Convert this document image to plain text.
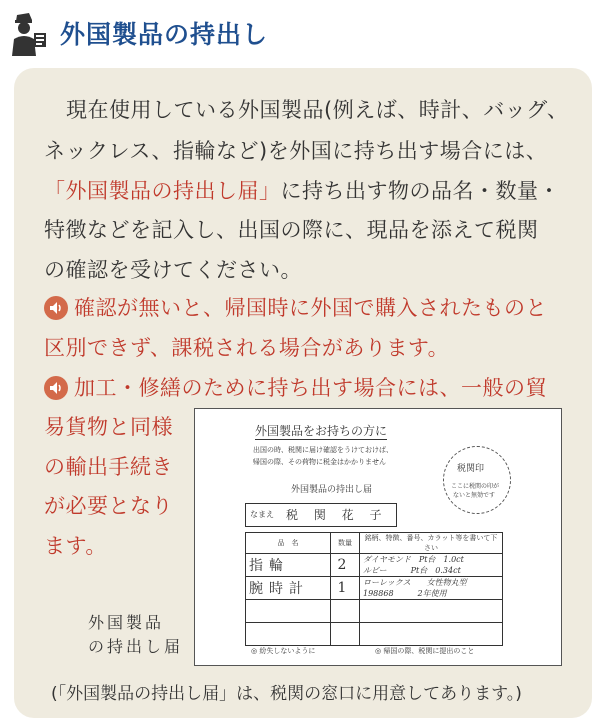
外国製品の持出し
現在使用している外国製品(例えば、時計、バッグ、
ネックレス、指輪など)を外国に持ち出す場合には、
「外国製品の持出し届」に持ち出す物の品名・数量・
特徴などを記入し、出国の際に、現品を添えて税関
の確認を受けてください。
確認が無いと、帰国時に外国で購入されたものと
区別できず、課税される場合があります。
加工・修繕のために持ち出す場合には、一般の貿
易貨物と同様
の輸出手続き
が必要となり
ます。
外国製品
の持出し届
外国製品をお持ちの方に
出国の時、税関に届け確認をうけておけば、
帰国の際、その荷物に税金はかかりません
税関印
ここに税関の印が
ないと無効です
外国製品の持出し届
なまえ 税 関 花 子
品　名	数量	銘柄、特徴、番号、カラット等を書いて下さい
指輪	2	ダイヤモンド　Pt台　1.0ct
ルビー　　　Pt台　0.34ct

腕時計	1	ローレックス　　女性物丸型
198868　　　2年使用

◎ 紛失しないように	◎ 帰国の際、税関に提出のこと
(「外国製品の持出し届」は、税関の窓口に用意してあります。)
